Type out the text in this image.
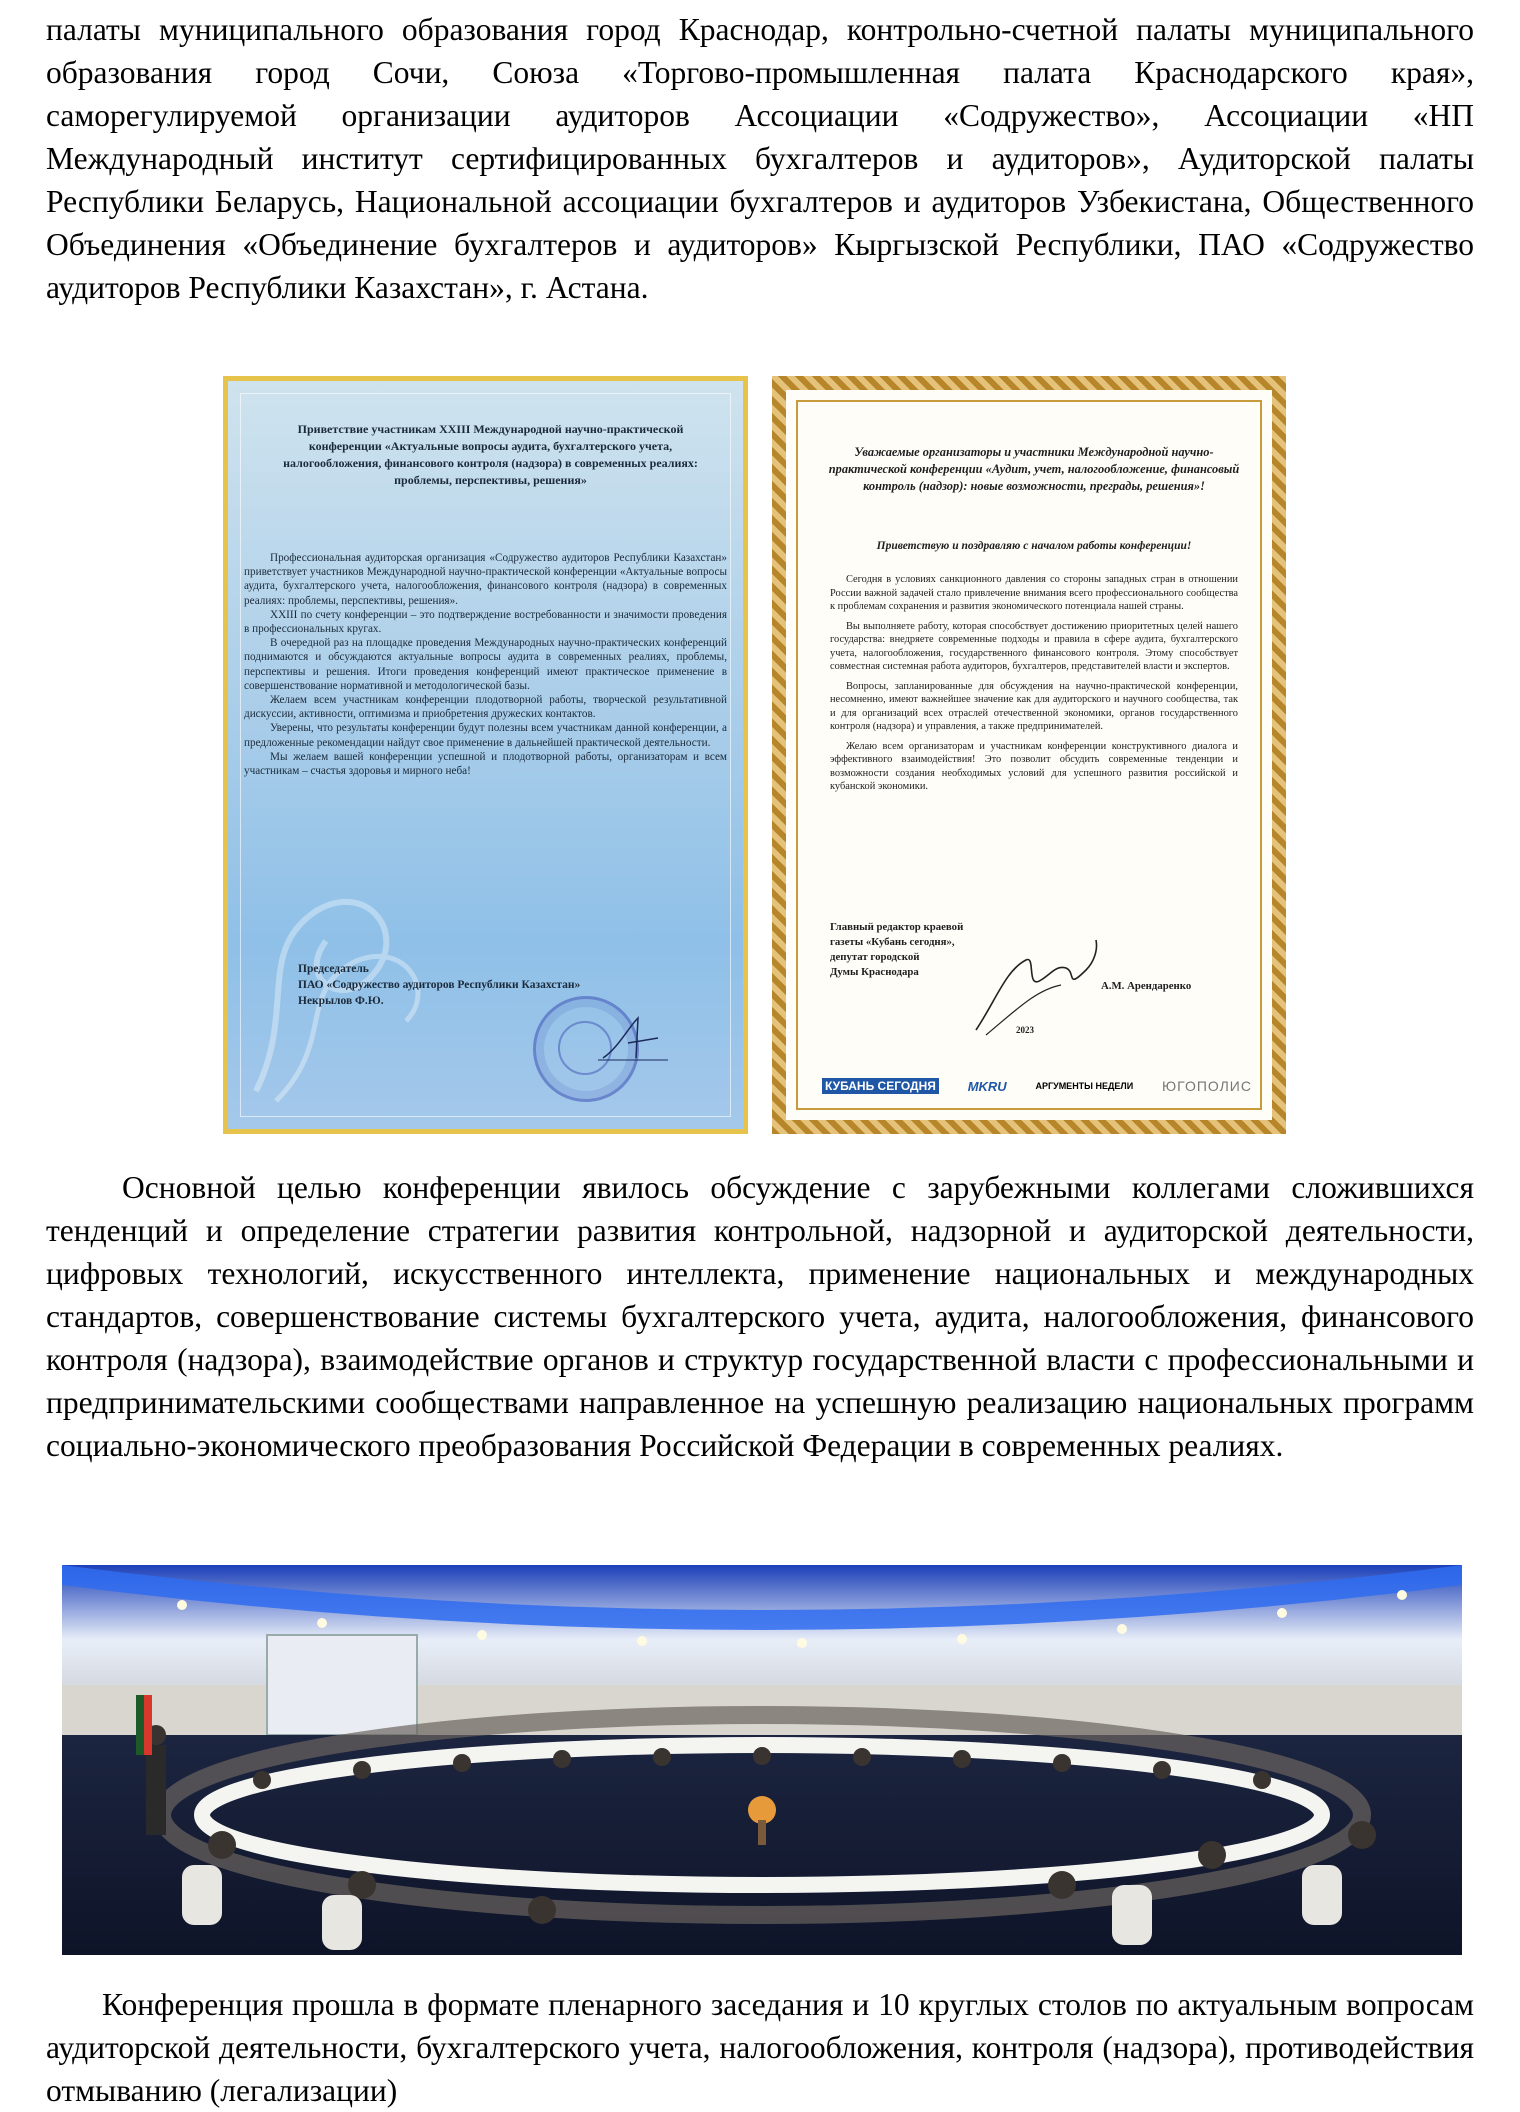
палаты муниципального образования город Краснодар, контрольно-счетной палаты муниципального образования город Сочи, Союза «Торгово-промышленная палата Краснодарского края», саморегулируемой организации аудиторов Ассоциации «Содружество», Ассоциации «НП Международный институт сертифицированных бухгалтеров и аудиторов», Аудиторской палаты Республики Беларусь, Национальной ассоциации бухгалтеров и аудиторов Узбекистана, Общественного Объединения «Объединение бухгалтеров и аудиторов» Кыргызской Республики, ПАО «Содружество аудиторов Республики Казахстан», г. Астана.

Приветствие участникам XXIII Международной научно-практической конференции «Актуальные вопросы аудита, бухгалтерского учета, налогообложения, финансового контроля (надзора) в современных реалиях: проблемы, перспективы, решения»

Профессиональная аудиторская организация «Содружество аудиторов Республики Казахстан» приветствует участников Международной научно-практической конференции «Актуальные вопросы аудита, бухгалтерского учета, налогообложения, финансового контроля (надзора) в современных реалиях: проблемы, перспективы, решения».

XXIII по счету конференции – это подтверждение востребованности и значимости проведения в профессиональных кругах.

В очередной раз на площадке проведения Международных научно-практических конференций поднимаются и обсуждаются актуальные вопросы аудита в современных реалиях, проблемы, перспективы и решения. Итоги проведения конференций имеют практическое применение в совершенствование нормативной и методологической базы.

Желаем всем участникам конференции плодотворной работы, творческой результативной дискуссии, активности, оптимизма и приобретения дружеских контактов.

Уверены, что результаты конференции будут полезны всем участникам данной конференции, а предложенные рекомендации найдут свое применение в дальнейшей практической деятельности.

Мы желаем вашей конференции успешной и плодотворной работы, организаторам и всем участникам – счастья здоровья и мирного неба!

Председатель
ПАО «Содружество аудиторов Республики Казахстан»
Некрылов Ф.Ю.
Уважаемые организаторы и участники Международной научно-практической конференции «Аудит, учет, налогообложение, финансовый контроль (надзор): новые возможности, преграды, решения»!
Приветствую и поздравляю с началом работы конференции!

Сегодня в условиях санкционного давления со стороны западных стран в отношении России важной задачей стало привлечение внимания всего профессионального сообщества к проблемам сохранения и развития экономического потенциала нашей страны.

Вы выполняете работу, которая способствует достижению приоритетных целей нашего государства: внедряете современные подходы и правила в сфере аудита, бухгалтерского учета, налогообложения, государственного финансового контроля. Этому способствует совместная системная работа аудиторов, бухгалтеров, представителей власти и экспертов.

Вопросы, запланированные для обсуждения на научно-практической конференции, несомненно, имеют важнейшее значение как для аудиторского и научного сообщества, так и для организаций всех отраслей отечественной экономики, органов государственного контроля (надзора) и управления, а также предпринимателей.

Желаю всем организаторам и участникам конференции конструктивного диалога и эффективного взаимодействия! Это позволит обсудить современные тенденции и возможности создания необходимых условий для успешного развития российской и кубанской экономики.

Главный редактор краевой
газеты «Кубань сегодня»,
депутат городской
Думы Краснодара
А.М. Арендаренко
2023
КУБАНЬ СЕГОДНЯ MKRU	АРГУМЕНТЫ НЕДЕЛИ ЮГОПОЛИС

Основной целью конференции явилось обсуждение с зарубежными коллегами сложившихся тенденций и определение стратегии развития контрольной, надзорной и аудиторской деятельности, цифровых технологий, искусственного интеллекта, применение национальных и международных стандартов, совершенствование системы бухгалтерского учета, аудита, налогообложения, финансового контроля (надзора), взаимодействие органов и структур государственной власти с профессиональными и предпринимательскими сообществами направленное на успешную реализацию национальных программ социально-экономического преобразования Российской Федерации в современных реалиях.

Конференция прошла в формате пленарного заседания и 10 круглых столов по актуальным вопросам аудиторской деятельности, бухгалтерского учета, налогообложения, контроля (надзора), противодействия отмыванию (легализации)
